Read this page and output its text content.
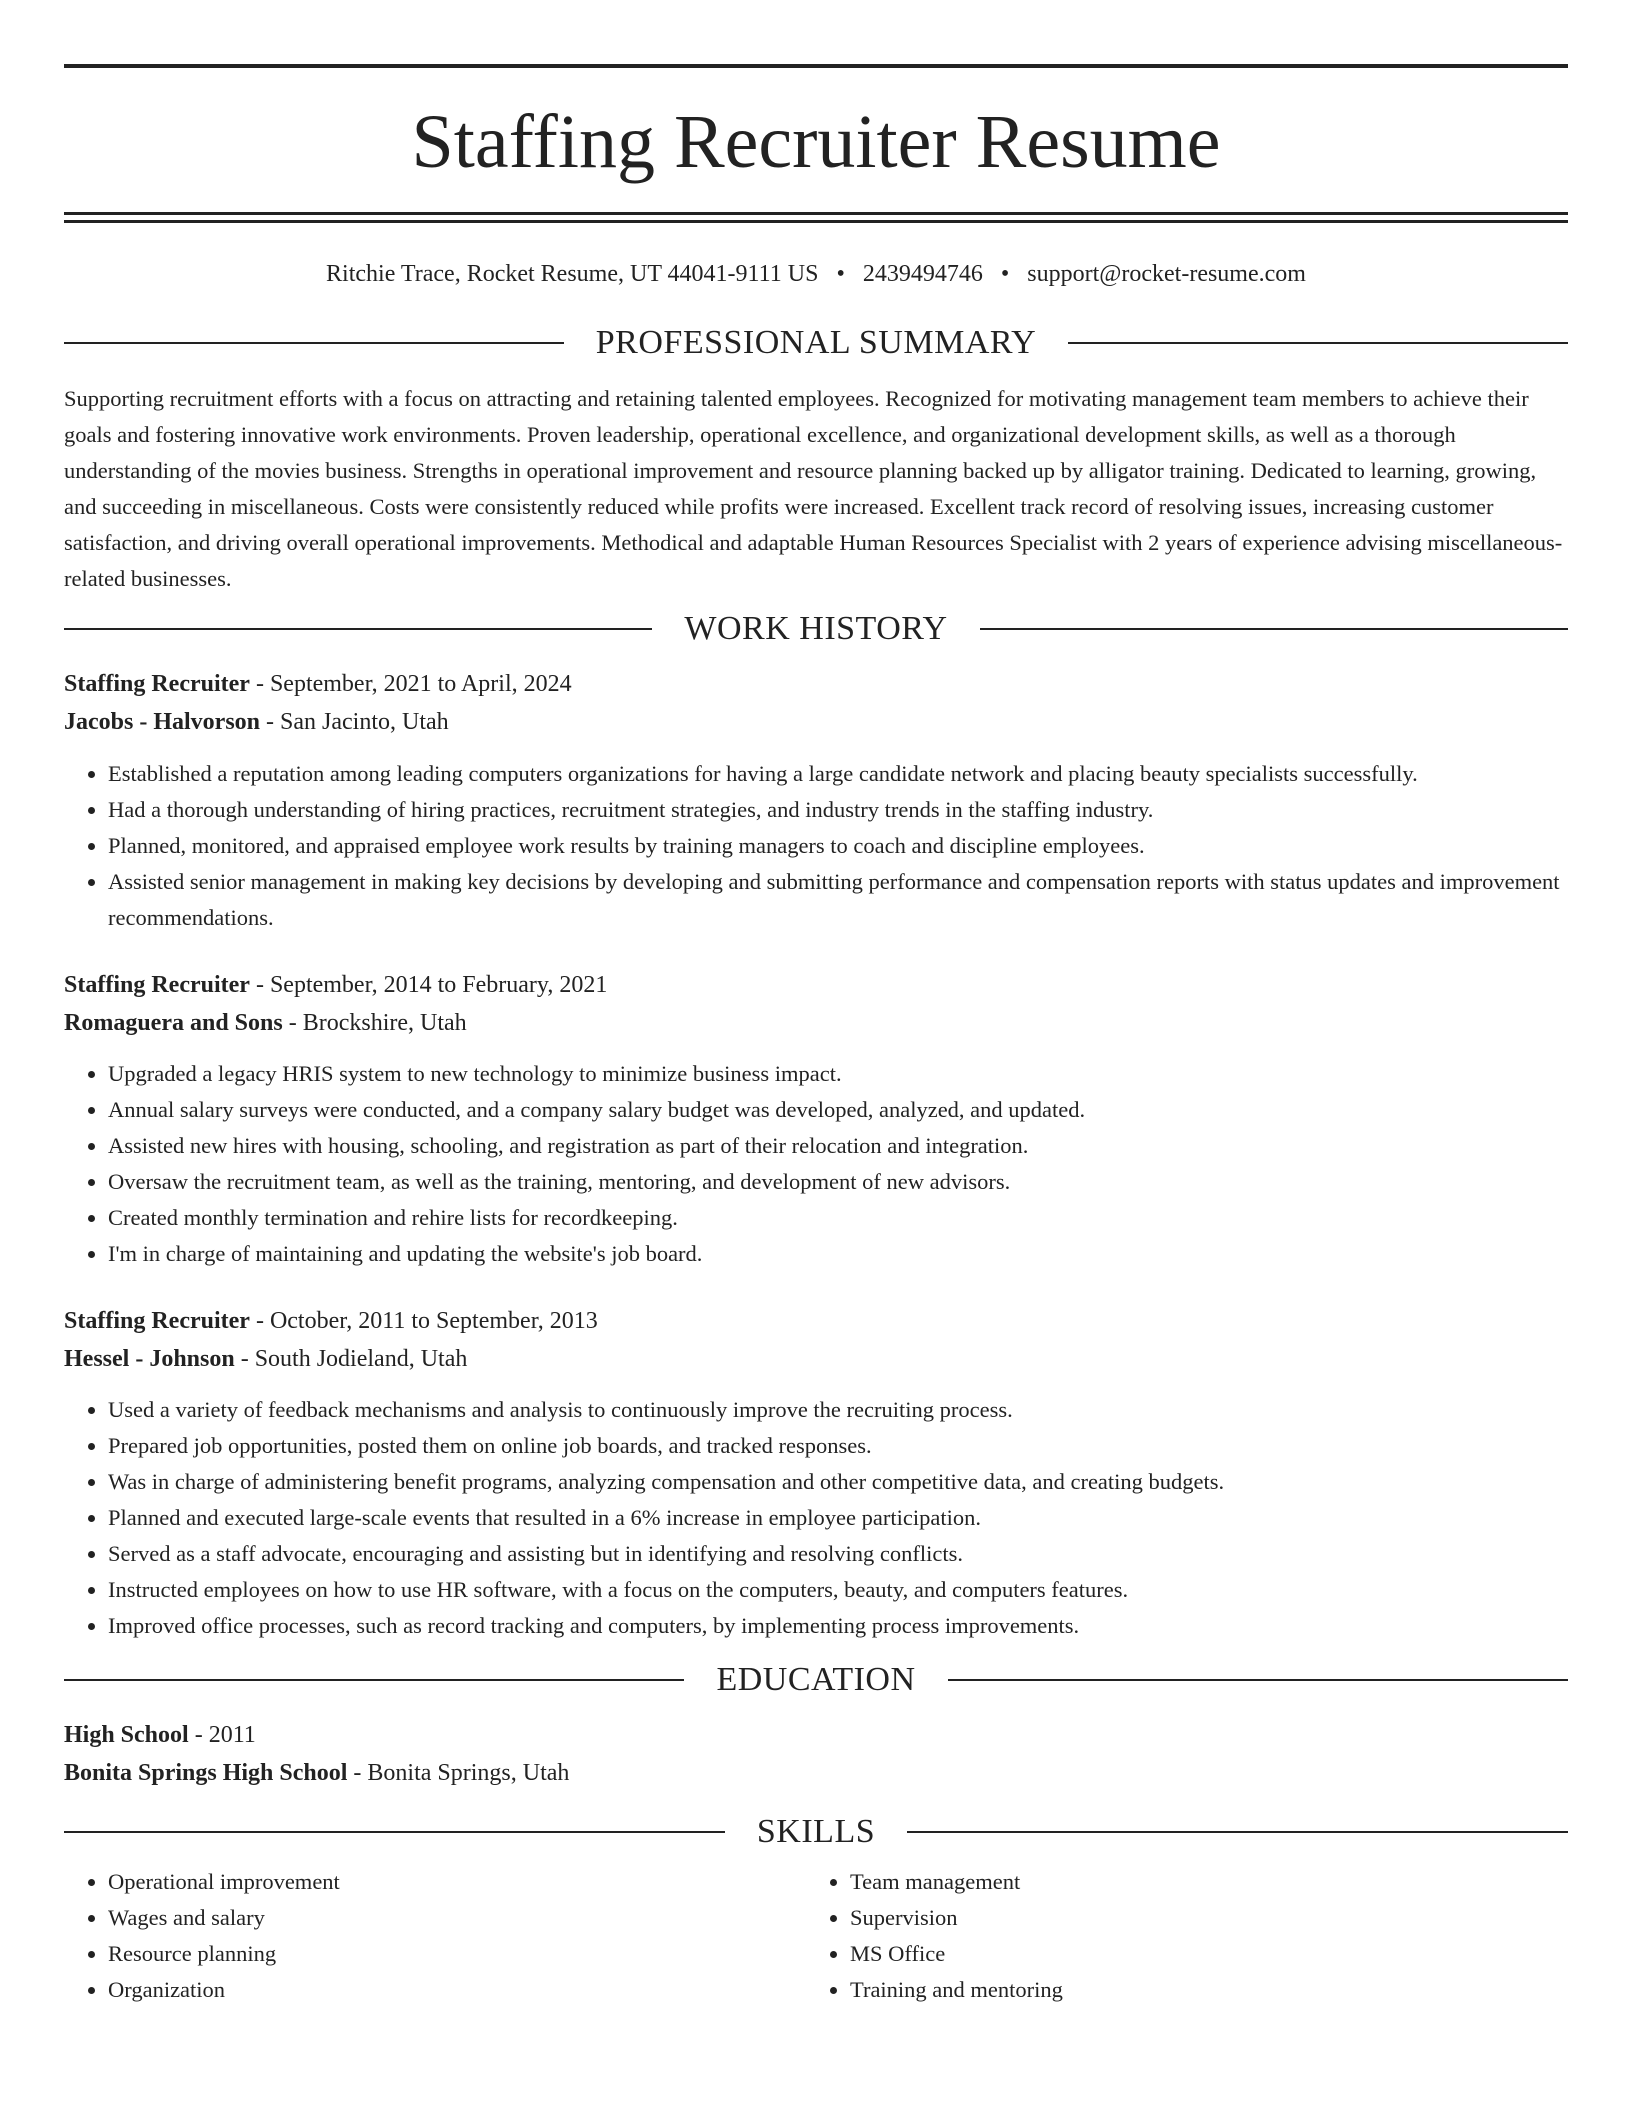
Staffing Recruiter Resume
Ritchie Trace, Rocket Resume, UT 44041-9111 US • 2439494746 • support@rocket-resume.com
PROFESSIONAL SUMMARY

Supporting recruitment efforts with a focus on attracting and retaining talented employees. Recognized for motivating management team members to achieve their goals and fostering innovative work environments. Proven leadership, operational excellence, and organizational development skills, as well as a thorough understanding of the movies business. Strengths in operational improvement and resource planning backed up by alligator training. Dedicated to learning, growing, and succeeding in miscellaneous. Costs were consistently reduced while profits were increased. Excellent track record of resolving issues, increasing customer satisfaction, and driving overall operational improvements. Methodical and adaptable Human Resources Specialist with 2 years of experience advising miscellaneous-related businesses.

WORK HISTORY
Staffing Recruiter - September, 2021 to April, 2024
Jacobs - Halvorson - San Jacinto, Utah
• Established a reputation among leading computers organizations for having a large candidate network and placing beauty specialists successfully.
• Had a thorough understanding of hiring practices, recruitment strategies, and industry trends in the staffing industry.
• Planned, monitored, and appraised employee work results by training managers to coach and discipline employees.
• Assisted senior management in making key decisions by developing and submitting performance and compensation reports with status updates and improvement recommendations.
Staffing Recruiter - September, 2014 to February, 2021
Romaguera and Sons - Brockshire, Utah
• Upgraded a legacy HRIS system to new technology to minimize business impact.
• Annual salary surveys were conducted, and a company salary budget was developed, analyzed, and updated.
• Assisted new hires with housing, schooling, and registration as part of their relocation and integration.
• Oversaw the recruitment team, as well as the training, mentoring, and development of new advisors.
• Created monthly termination and rehire lists for recordkeeping.
• I'm in charge of maintaining and updating the website's job board.
Staffing Recruiter - October, 2011 to September, 2013
Hessel - Johnson - South Jodieland, Utah
• Used a variety of feedback mechanisms and analysis to continuously improve the recruiting process.
• Prepared job opportunities, posted them on online job boards, and tracked responses.
• Was in charge of administering benefit programs, analyzing compensation and other competitive data, and creating budgets.
• Planned and executed large-scale events that resulted in a 6% increase in employee participation.
• Served as a staff advocate, encouraging and assisting but in identifying and resolving conflicts.
• Instructed employees on how to use HR software, with a focus on the computers, beauty, and computers features.
• Improved office processes, such as record tracking and computers, by implementing process improvements.
EDUCATION
High School - 2011
Bonita Springs High School - Bonita Springs, Utah
SKILLS
• Operational improvement
• Wages and salary
• Resource planning
• Organization
• Team management
• Supervision
• MS Office
• Training and mentoring
